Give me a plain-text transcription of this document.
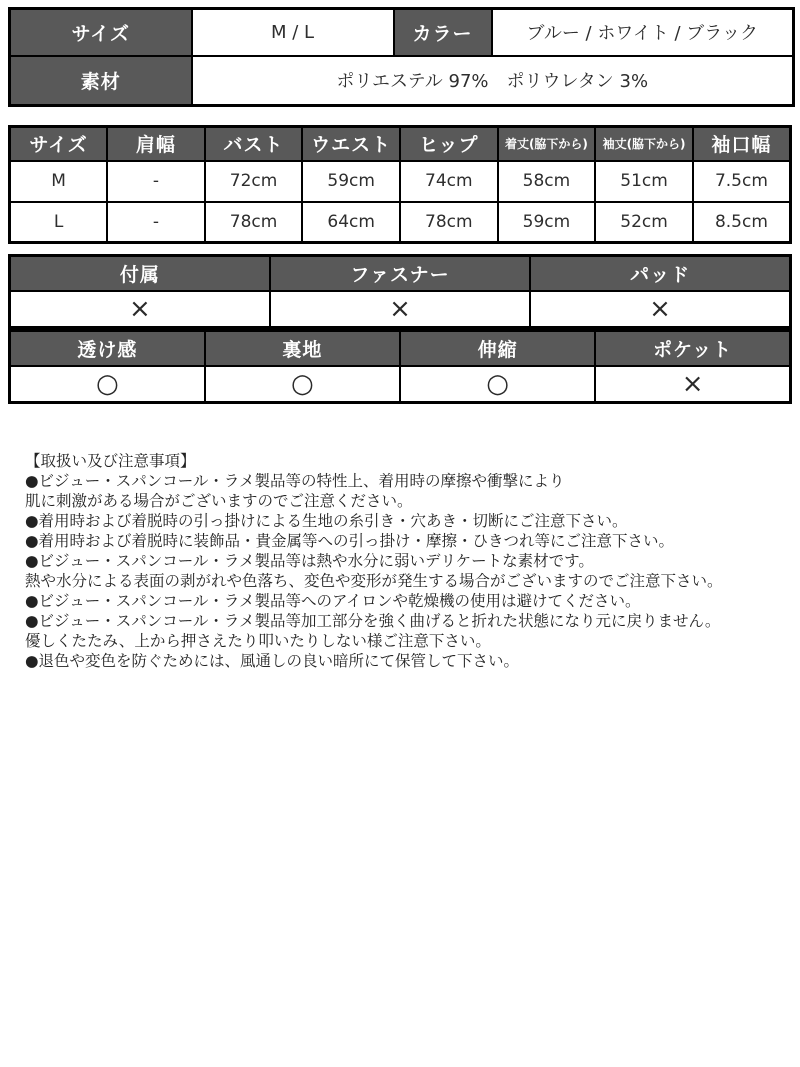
サイズ	M / L	カラー	ブルー / ホワイト / ブラック
素材	ポリエステル 97%　ポリウレタン 3%		
サイズ	肩幅	バスト	ウエスト	ヒップ	着丈(脇下から)	袖丈(脇下から)	袖口幅
M	-	72cm	59cm	74cm	58cm	51cm	7.5cm
L	-	78cm	64cm	78cm	59cm	52cm	8.5cm
付属	ファスナー	パッド
×	×	×
透け感	裏地	伸縮	ポケット
○	○	○	×
【取扱い及び注意事項】
●ビジュー・スパンコール・ラメ製品等の特性上、着用時の摩擦や衝撃により
肌に刺激がある場合がございますのでご注意ください。
●着用時および着脱時の引っ掛けによる生地の糸引き・穴あき・切断にご注意下さい。
●着用時および着脱時に装飾品・貴金属等への引っ掛け・摩擦・ひきつれ等にご注意下さい。
●ビジュー・スパンコール・ラメ製品等は熱や水分に弱いデリケートな素材です。
熱や水分による表面の剥がれや色落ち、変色や変形が発生する場合がございますのでご注意下さい。
●ビジュー・スパンコール・ラメ製品等へのアイロンや乾燥機の使用は避けてください。
●ビジュー・スパンコール・ラメ製品等加工部分を強く曲げると折れた状態になり元に戻りません。
優しくたたみ、上から押さえたり叩いたりしない様ご注意下さい。
●退色や変色を防ぐためには、風通しの良い暗所にて保管して下さい。
